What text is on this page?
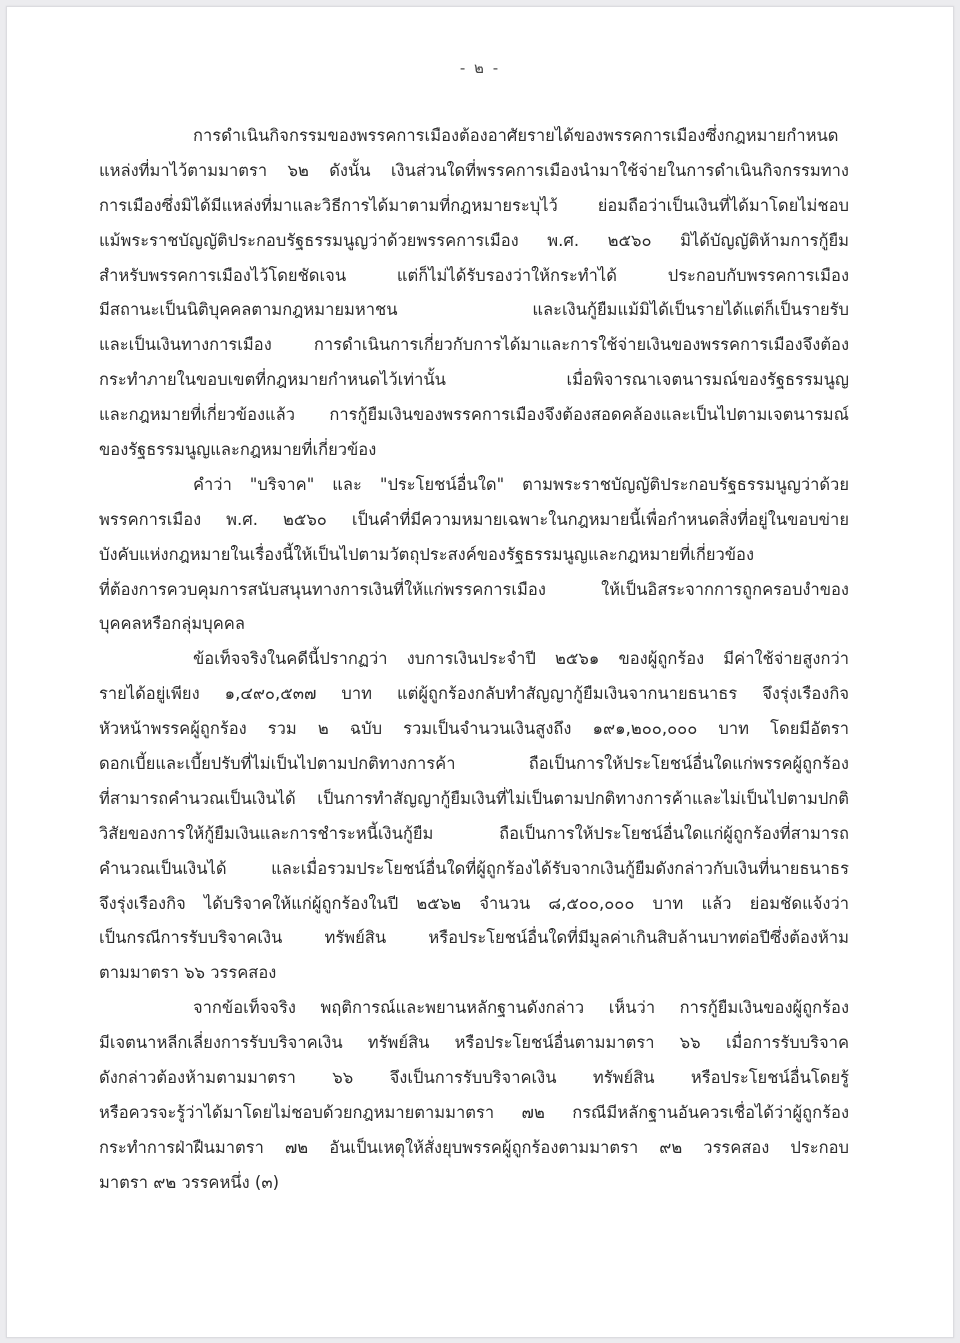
- ๒ -
การดำเนินกิจกรรมของพรรคการเมืองต้องอาศัยรายได้ของพรรคการเมืองซึ่งกฎหมายกำหนด
แหล่งที่มาไว้ตามมาตรา ๖๒ ดังนั้น เงินส่วนใดที่พรรคการเมืองนำมาใช้จ่ายในการดำเนินกิจกรรมทาง
การเมืองซึ่งมิได้มีแหล่งที่มาและวิธีการได้มาตามที่กฎหมายระบุไว้ ย่อมถือว่าเป็นเงินที่ได้มาโดยไม่ชอบ
แม้พระราชบัญญัติประกอบรัฐธรรมนูญว่าด้วยพรรคการเมือง พ.ศ. ๒๕๖๐ มิได้บัญญัติห้ามการกู้ยืม
สำหรับพรรคการเมืองไว้โดยชัดเจน แต่ก็ไม่ได้รับรองว่าให้กระทำได้ ประกอบกับพรรคการเมือง
มีสถานะเป็นนิติบุคคลตามกฎหมายมหาชน และเงินกู้ยืมแม้มิได้เป็นรายได้แต่ก็เป็นรายรับ
และเป็นเงินทางการเมือง การดำเนินการเกี่ยวกับการได้มาและการใช้จ่ายเงินของพรรคการเมืองจึงต้อง
กระทำภายในขอบเขตที่กฎหมายกำหนดไว้เท่านั้น เมื่อพิจารณาเจตนารมณ์ของรัฐธรรมนูญ
และกฎหมายที่เกี่ยวข้องแล้ว การกู้ยืมเงินของพรรคการเมืองจึงต้องสอดคล้องและเป็นไปตามเจตนารมณ์
ของรัฐธรรมนูญและกฎหมายที่เกี่ยวข้อง
คำว่า "บริจาค" และ "ประโยชน์อื่นใด" ตามพระราชบัญญัติประกอบรัฐธรรมนูญว่าด้วย
พรรคการเมือง พ.ศ. ๒๕๖๐ เป็นคำที่มีความหมายเฉพาะในกฎหมายนี้เพื่อกำหนดสิ่งที่อยู่ในขอบข่าย
บังคับแห่งกฎหมายในเรื่องนี้ให้เป็นไปตามวัตถุประสงค์ของรัฐธรรมนูญและกฎหมายที่เกี่ยวข้อง
ที่ต้องการควบคุมการสนับสนุนทางการเงินที่ให้แก่พรรคการเมือง ให้เป็นอิสระจากการถูกครอบงำของ
บุคคลหรือกลุ่มบุคคล
ข้อเท็จจริงในคดีนี้ปรากฏว่า งบการเงินประจำปี ๒๕๖๑ ของผู้ถูกร้อง มีค่าใช้จ่ายสูงกว่า
รายได้อยู่เพียง ๑,๔๙๐,๕๓๗ บาท แต่ผู้ถูกร้องกลับทำสัญญากู้ยืมเงินจากนายธนาธร จึงรุ่งเรืองกิจ
หัวหน้าพรรคผู้ถูกร้อง รวม ๒ ฉบับ รวมเป็นจำนวนเงินสูงถึง ๑๙๑,๒๐๐,๐๐๐ บาท โดยมีอัตรา
ดอกเบี้ยและเบี้ยปรับที่ไม่เป็นไปตามปกติทางการค้า ถือเป็นการให้ประโยชน์อื่นใดแก่พรรคผู้ถูกร้อง
ที่สามารถคำนวณเป็นเงินได้ เป็นการทำสัญญากู้ยืมเงินที่ไม่เป็นตามปกติทางการค้าและไม่เป็นไปตามปกติ
วิสัยของการให้กู้ยืมเงินและการชำระหนี้เงินกู้ยืม ถือเป็นการให้ประโยชน์อื่นใดแก่ผู้ถูกร้องที่สามารถ
คำนวณเป็นเงินได้ และเมื่อรวมประโยชน์อื่นใดที่ผู้ถูกร้องได้รับจากเงินกู้ยืมดังกล่าวกับเงินที่นายธนาธร
จึงรุ่งเรืองกิจ ได้บริจาคให้แก่ผู้ถูกร้องในปี ๒๕๖๒ จำนวน ๘,๕๐๐,๐๐๐ บาท แล้ว ย่อมชัดแจ้งว่า
เป็นกรณีการรับบริจาคเงิน ทรัพย์สิน หรือประโยชน์อื่นใดที่มีมูลค่าเกินสิบล้านบาทต่อปีซึ่งต้องห้าม
ตามมาตรา ๖๖ วรรคสอง
จากข้อเท็จจริง พฤติการณ์และพยานหลักฐานดังกล่าว เห็นว่า การกู้ยืมเงินของผู้ถูกร้อง
มีเจตนาหลีกเลี่ยงการรับบริจาคเงิน ทรัพย์สิน หรือประโยชน์อื่นตามมาตรา ๖๖ เมื่อการรับบริจาค
ดังกล่าวต้องห้ามตามมาตรา ๖๖ จึงเป็นการรับบริจาคเงิน ทรัพย์สิน หรือประโยชน์อื่นโดยรู้
หรือควรจะรู้ว่าได้มาโดยไม่ชอบด้วยกฎหมายตามมาตรา ๗๒ กรณีมีหลักฐานอันควรเชื่อได้ว่าผู้ถูกร้อง
กระทำการฝ่าฝืนมาตรา ๗๒ อันเป็นเหตุให้สั่งยุบพรรคผู้ถูกร้องตามมาตรา ๙๒ วรรคสอง ประกอบ
มาตรา ๙๒ วรรคหนึ่ง (๓)
